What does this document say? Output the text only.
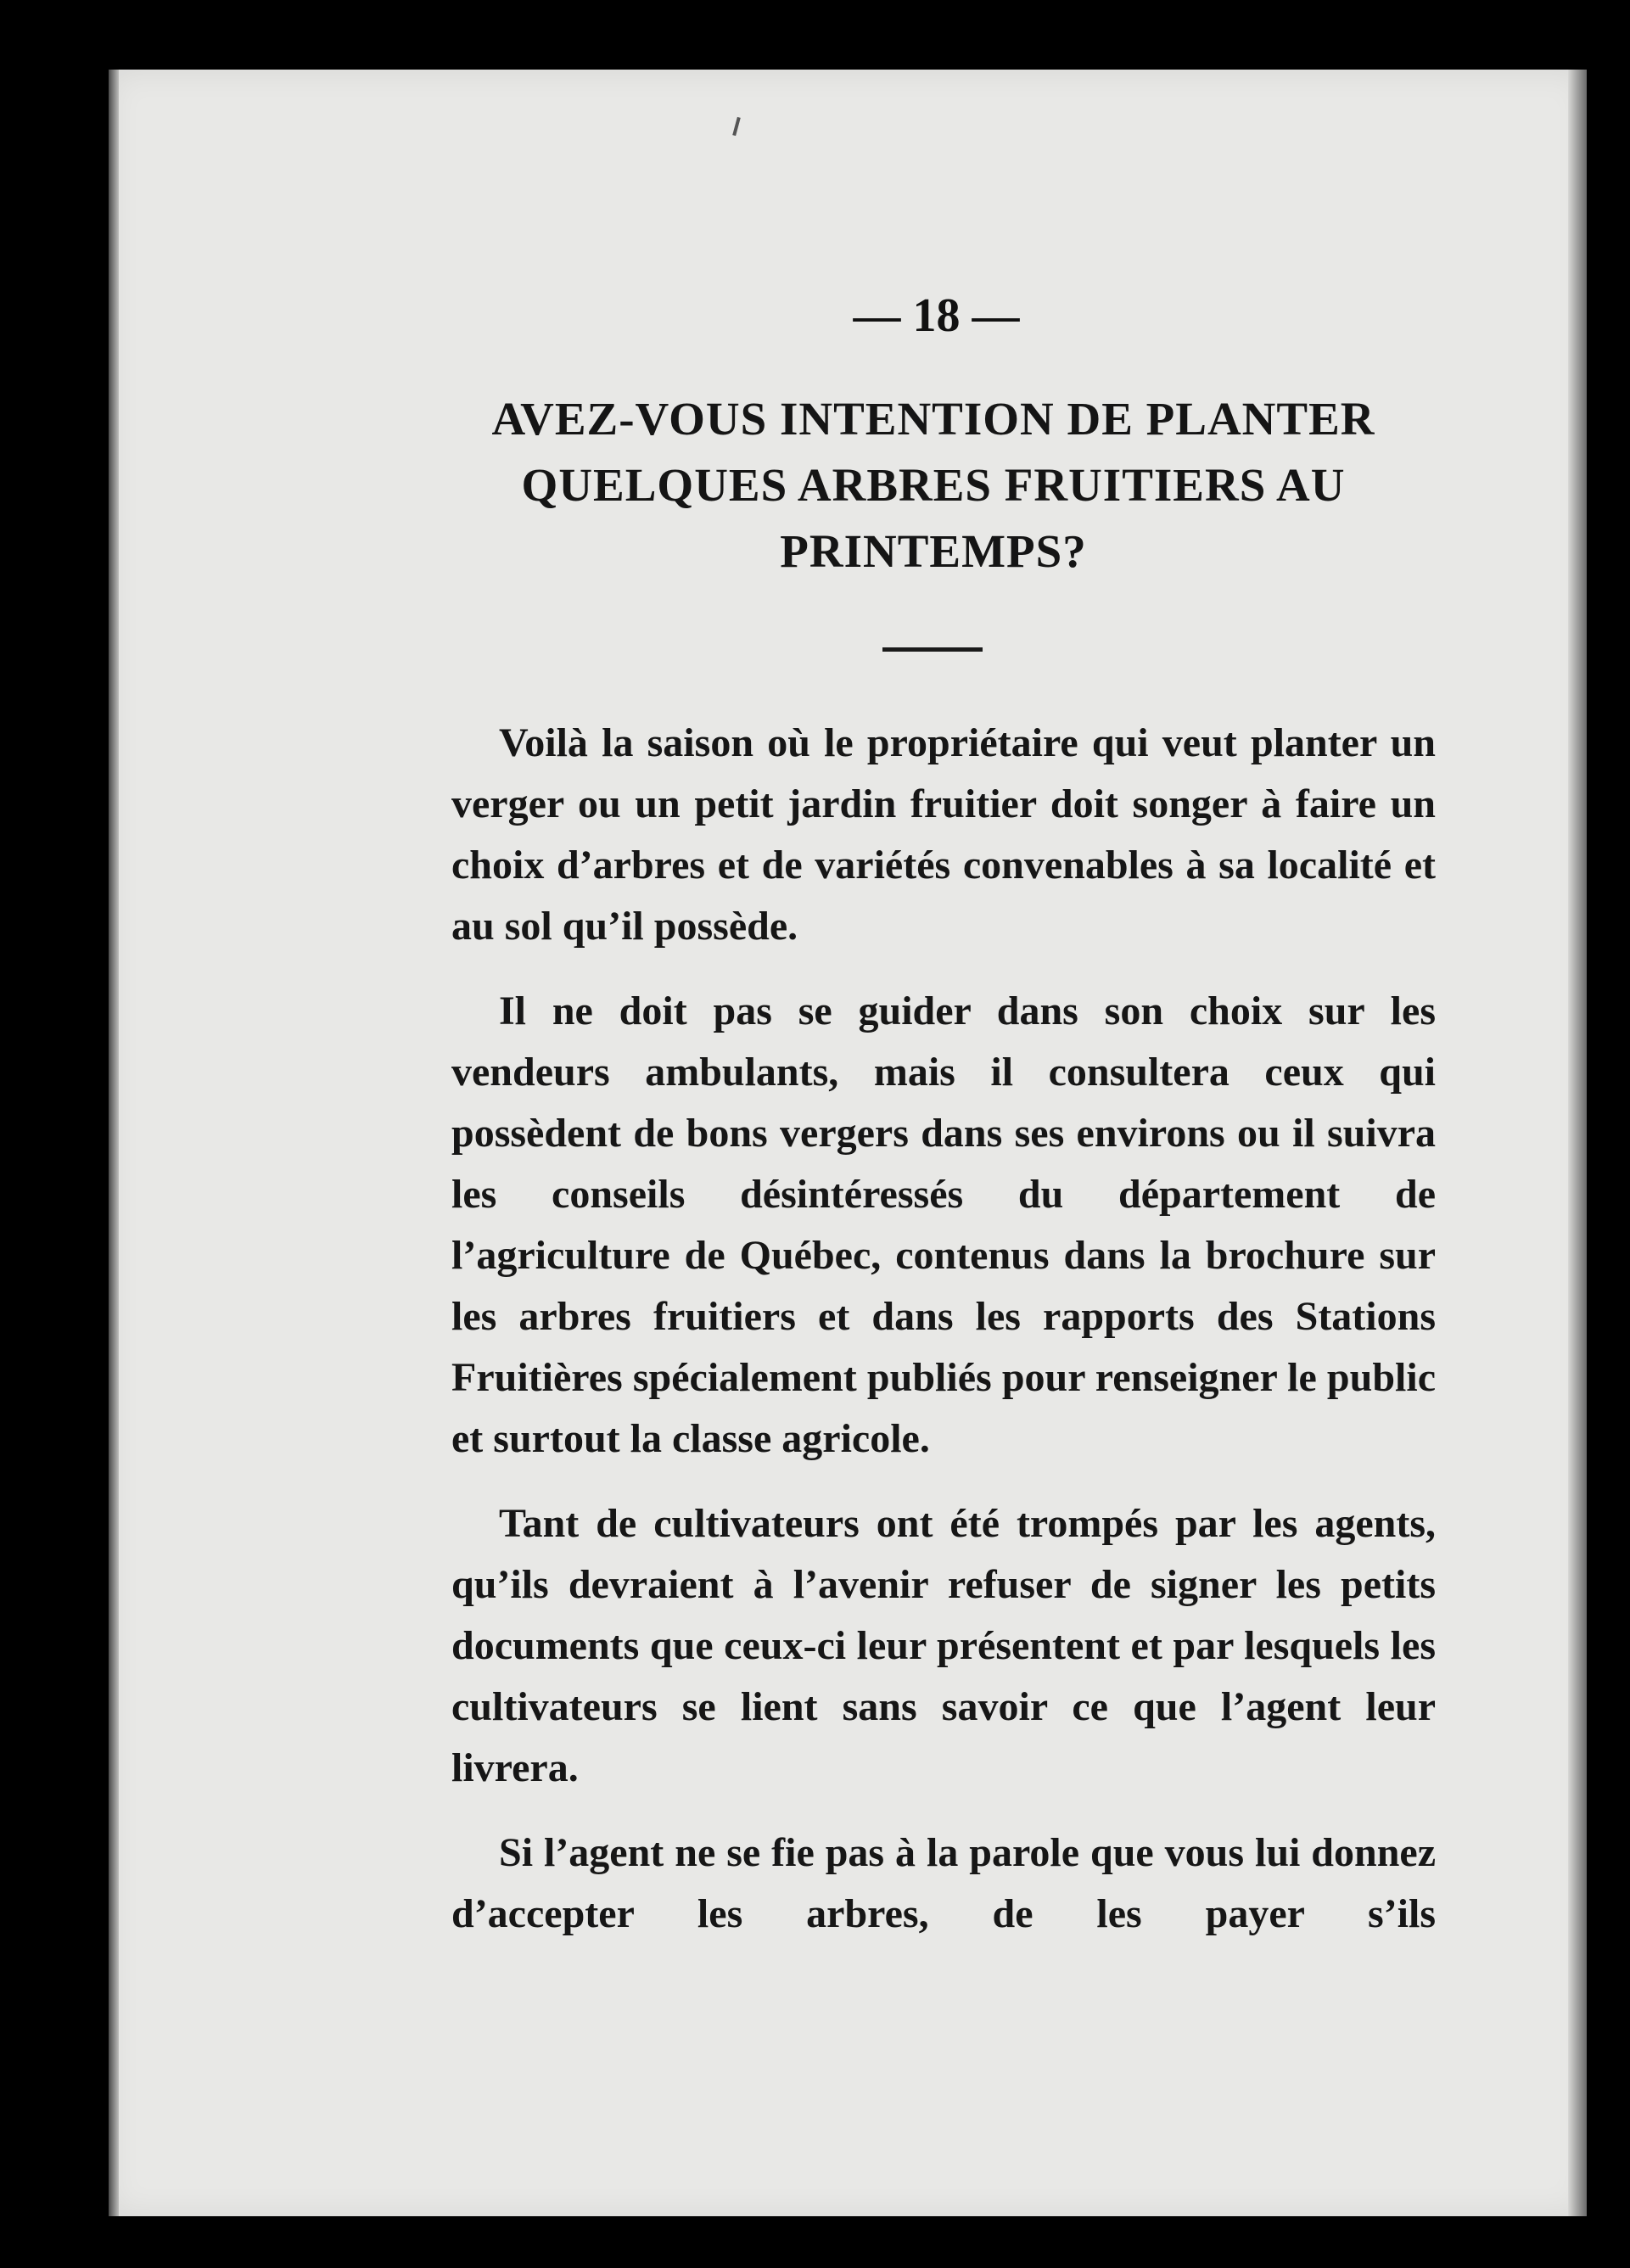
— 18 —
AVEZ-VOUS INTENTION DE PLANTER QUELQUES ARBRES FRUITIERS AU PRINTEMPS?

Voilà la saison où le propriétaire qui veut planter un verger ou un petit jardin fruitier doit songer à faire un choix d’arbres et de variétés convenables à sa localité et au sol qu’il possède.

Il ne doit pas se guider dans son choix sur les vendeurs ambulants, mais il consultera ceux qui possèdent de bons vergers dans ses environs ou il suivra les conseils désintéressés du département de l’agriculture de Québec, contenus dans la brochure sur les arbres fruitiers et dans les rapports des Stations Fruitières spécialement publiés pour renseigner le public et surtout la classe agricole.

Tant de cultivateurs ont été trompés par les agents, qu’ils devraient à l’avenir refuser de signer les petits documents que ceux-ci leur présentent et par lesquels les cultivateurs se lient sans savoir ce que l’agent leur livrera.

Si l’agent ne se fie pas à la parole que vous lui donnez d’accepter les arbres, de les payer s’ils
